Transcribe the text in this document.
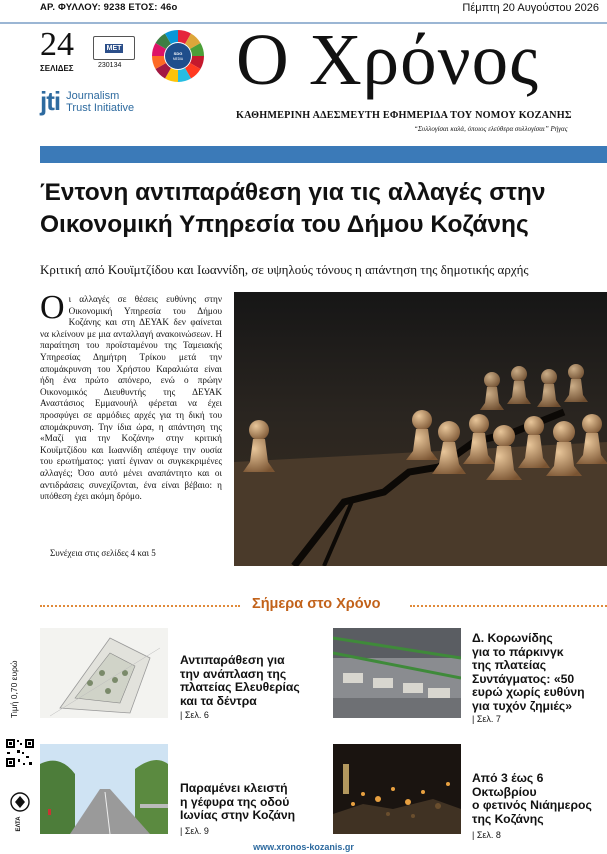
ΑΡ. ΦΥΛΛΟΥ: 9238 ΕΤΟΣ: 46ο	Πέμπτη 20 Αυγούστου 2026
24
ΣΕΛΙΔΕΣ
ΜΕΤ
230134
SDG
MEDIA Ο Χρόνος
jti Journalism
Trust Initiative
ΚΑΘΗΜΕΡΙΝΗ ΑΔΕΣΜΕΥΤΗ ΕΦΗΜΕΡΙΔΑ ΤΟΥ ΝΟΜΟΥ ΚΟΖΑΝΗΣ
“Συλλογίσαι καλά, όποιος ελεύθερα συλλογίσαι” Ρήγας
Έντονη αντιπαράθεση για τις αλλαγές στην
Οικονομική Υπηρεσία του Δήμου Κοζάνης
Κριτική από Κουϊμτζίδου και Ιωαννίδη, σε υψηλούς τόνους η απάντηση της δημοτικής αρχής
Ο ι αλλαγές σε θέσεις ευθύνης στην Οικονομική Υπηρεσία του Δήμου Κοζάνης και στη ΔΕΥΑΚ δεν φαίνεται να κλείνουν με μια ανταλλαγή ανακοινώσεων. Η παραίτηση του προϊσταμένου της Ταμειακής Υπηρεσίας Δημήτρη Τρίκου μετά την απομάκρυνση του Χρήστου Καραλιώτα είναι ήδη ένα πρώτο απόνερο, ενώ ο πρώην Οικονομικός Διευθυντής της ΔΕΥΑΚ Αναστάσιος Εμμανουήλ φέρεται να έχει προσφύγει σε αρμόδιες αρχές για τη δική του απομάκρυνση. Την ίδια ώρα, η απάντηση της «Μαζί για την Κοζάνη» στην κριτική Κουϊμτζίδου και Ιωαννίδη απέφυγε την ουσία του ερωτήματος: γιατί έγιναν οι συγκεκριμένες αλλαγές; Όσο αυτό μένει αναπάντητο και οι αντιδράσεις συνεχίζονται, ένα είναι βέβαιο: η υπόθεση έχει ακόμη δρόμο.
Συνέχεια στις σελίδες 4 και 5
Σήμερα στο Χρόνο
Τιμή 0,70 ευρώ
Αντιπαράθεση για
την ανάπλαση της
πλατείας Ελευθερίας
και τα δέντρα
| Σελ. 6
Δ. Κορωνίδης
για το πάρκινγκ
της πλατείας
Συντάγματος: «50
ευρώ χωρίς ευθύνη
για τυχόν ζημιές»
| Σελ. 7
Παραμένει κλειστή
η γέφυρα της οδού
Ιωνίας στην Κοζάνη
| Σελ. 9
Από 3 έως 6
Οκτωβρίου
ο φετινός Νιάημερος
της Κοζάνης
| Σελ. 8
ΕΛΤΑ
www.xronos-kozanis.gr
